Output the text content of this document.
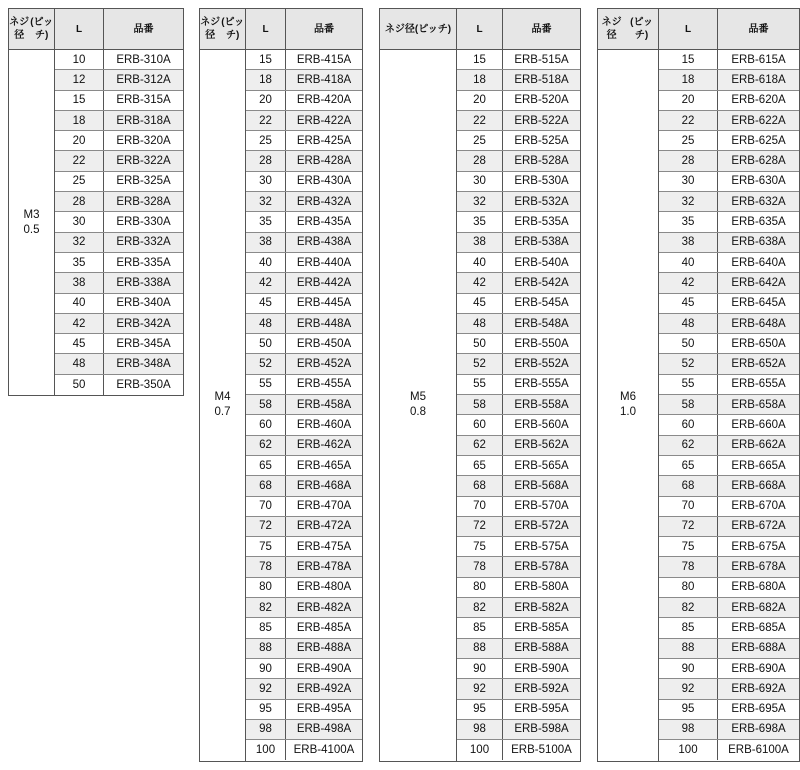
ネジ径
(ピッチ)
L	品番
M3
0.5
10	ERB-310A
12	ERB-312A
15	ERB-315A
18	ERB-318A
20	ERB-320A
22	ERB-322A
25	ERB-325A
28	ERB-328A
30	ERB-330A
32	ERB-332A
35	ERB-335A
38	ERB-338A
40	ERB-340A
42	ERB-342A
45	ERB-345A
48	ERB-348A
50	ERB-350A
ネジ径
(ピッチ)
L	品番
M4
0.7
15	ERB-415A
18	ERB-418A
20	ERB-420A
22	ERB-422A
25	ERB-425A
28	ERB-428A
30	ERB-430A
32	ERB-432A
35	ERB-435A
38	ERB-438A
40	ERB-440A
42	ERB-442A
45	ERB-445A
48	ERB-448A
50	ERB-450A
52	ERB-452A
55	ERB-455A
58	ERB-458A
60	ERB-460A
62	ERB-462A
65	ERB-465A
68	ERB-468A
70	ERB-470A
72	ERB-472A
75	ERB-475A
78	ERB-478A
80	ERB-480A
82	ERB-482A
85	ERB-485A
88	ERB-488A
90	ERB-490A
92	ERB-492A
95	ERB-495A
98	ERB-498A
100	ERB-4100A
ネジ径 (ピッチ)	L	品番
M5
0.8
15	ERB-515A
18	ERB-518A
20	ERB-520A
22	ERB-522A
25	ERB-525A
28	ERB-528A
30	ERB-530A
32	ERB-532A
35	ERB-535A
38	ERB-538A
40	ERB-540A
42	ERB-542A
45	ERB-545A
48	ERB-548A
50	ERB-550A
52	ERB-552A
55	ERB-555A
58	ERB-558A
60	ERB-560A
62	ERB-562A
65	ERB-565A
68	ERB-568A
70	ERB-570A
72	ERB-572A
75	ERB-575A
78	ERB-578A
80	ERB-580A
82	ERB-582A
85	ERB-585A
88	ERB-588A
90	ERB-590A
92	ERB-592A
95	ERB-595A
98	ERB-598A
100	ERB-5100A
ネジ径
(ピッチ)
L	品番
M6
1.0
15	ERB-615A
18	ERB-618A
20	ERB-620A
22	ERB-622A
25	ERB-625A
28	ERB-628A
30	ERB-630A
32	ERB-632A
35	ERB-635A
38	ERB-638A
40	ERB-640A
42	ERB-642A
45	ERB-645A
48	ERB-648A
50	ERB-650A
52	ERB-652A
55	ERB-655A
58	ERB-658A
60	ERB-660A
62	ERB-662A
65	ERB-665A
68	ERB-668A
70	ERB-670A
72	ERB-672A
75	ERB-675A
78	ERB-678A
80	ERB-680A
82	ERB-682A
85	ERB-685A
88	ERB-688A
90	ERB-690A
92	ERB-692A
95	ERB-695A
98	ERB-698A
100	ERB-6100A
